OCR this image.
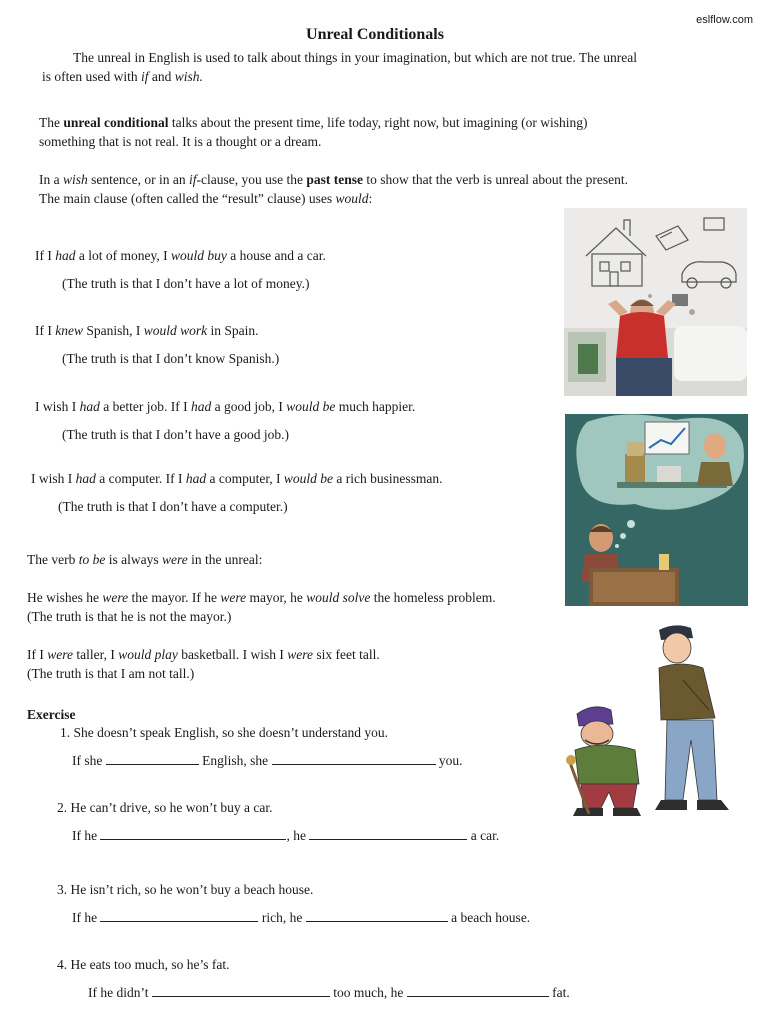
eslflow.com
Unreal Conditionals
The unreal in English is used to talk about things in your imagination, but which are not true. The unreal
is often used with if and wish.
The unreal conditional talks about the present time, life today, right now, but imagining (or wishing)
something that is not real. It is a thought or a dream.
In a wish sentence, or in an if-clause, you use the past tense to show that the verb is unreal about the present.
The main clause (often called the “result” clause) uses would:
If I had a lot of money, I would buy a house and a car.
(The truth is that I don’t have a lot of money.)
If I knew Spanish, I would work in Spain.
(The truth is that I don’t know Spanish.)
I wish I had a better job. If I had a good job, I would be much happier.
(The truth is that I don’t have a good job.)
I wish I had a computer. If I had a computer, I would be a rich businessman.
(The truth is that I don’t have a computer.)
The verb to be is always were in the unreal:
He wishes he were the mayor. If he were mayor, he would solve the homeless problem.
(The truth is that he is not the mayor.)
If I were taller, I would play basketball. I wish I were six feet tall.
(The truth is that I am not tall.)
Exercise
1. She doesn’t speak English, so she doesn’t understand you.
If she	English, she	you.
2. He can’t drive, so he won’t buy a car.
If he	, he	a car.
3. He isn’t rich, so he won’t buy a beach house.
If he	rich, he	a beach house.
4. He eats too much, so he’s fat.
If he didn’t	too much, he	fat.
